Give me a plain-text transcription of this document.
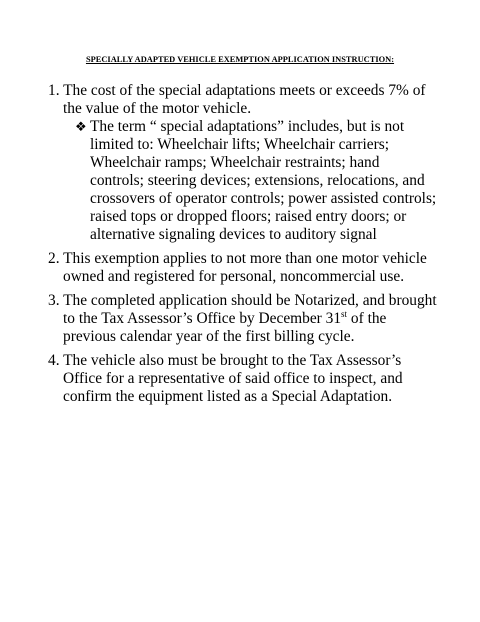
SPECIALLY ADAPTED VEHICLE EXEMPTION APPLICATION INSTRUCTION:
1. The cost of the special adaptations meets or exceeds 7% of
the value of the motor vehicle.
❖ The term “ special adaptations” includes, but is not
limited to: Wheelchair lifts; Wheelchair carriers;
Wheelchair ramps; Wheelchair restraints; hand
controls; steering devices; extensions, relocations, and
crossovers of operator controls; power assisted controls;
raised tops or dropped floors; raised entry doors; or
alternative signaling devices to auditory signal
2. This exemption applies to not more than one motor vehicle
owned and registered for personal, noncommercial use.
3. The completed application should be Notarized, and brought
to the Tax Assessor’s Office by December 31st of the
previous calendar year of the first billing cycle.
4. The vehicle also must be brought to the Tax Assessor’s
Office for a representative of said office to inspect, and
confirm the equipment listed as a Special Adaptation.
